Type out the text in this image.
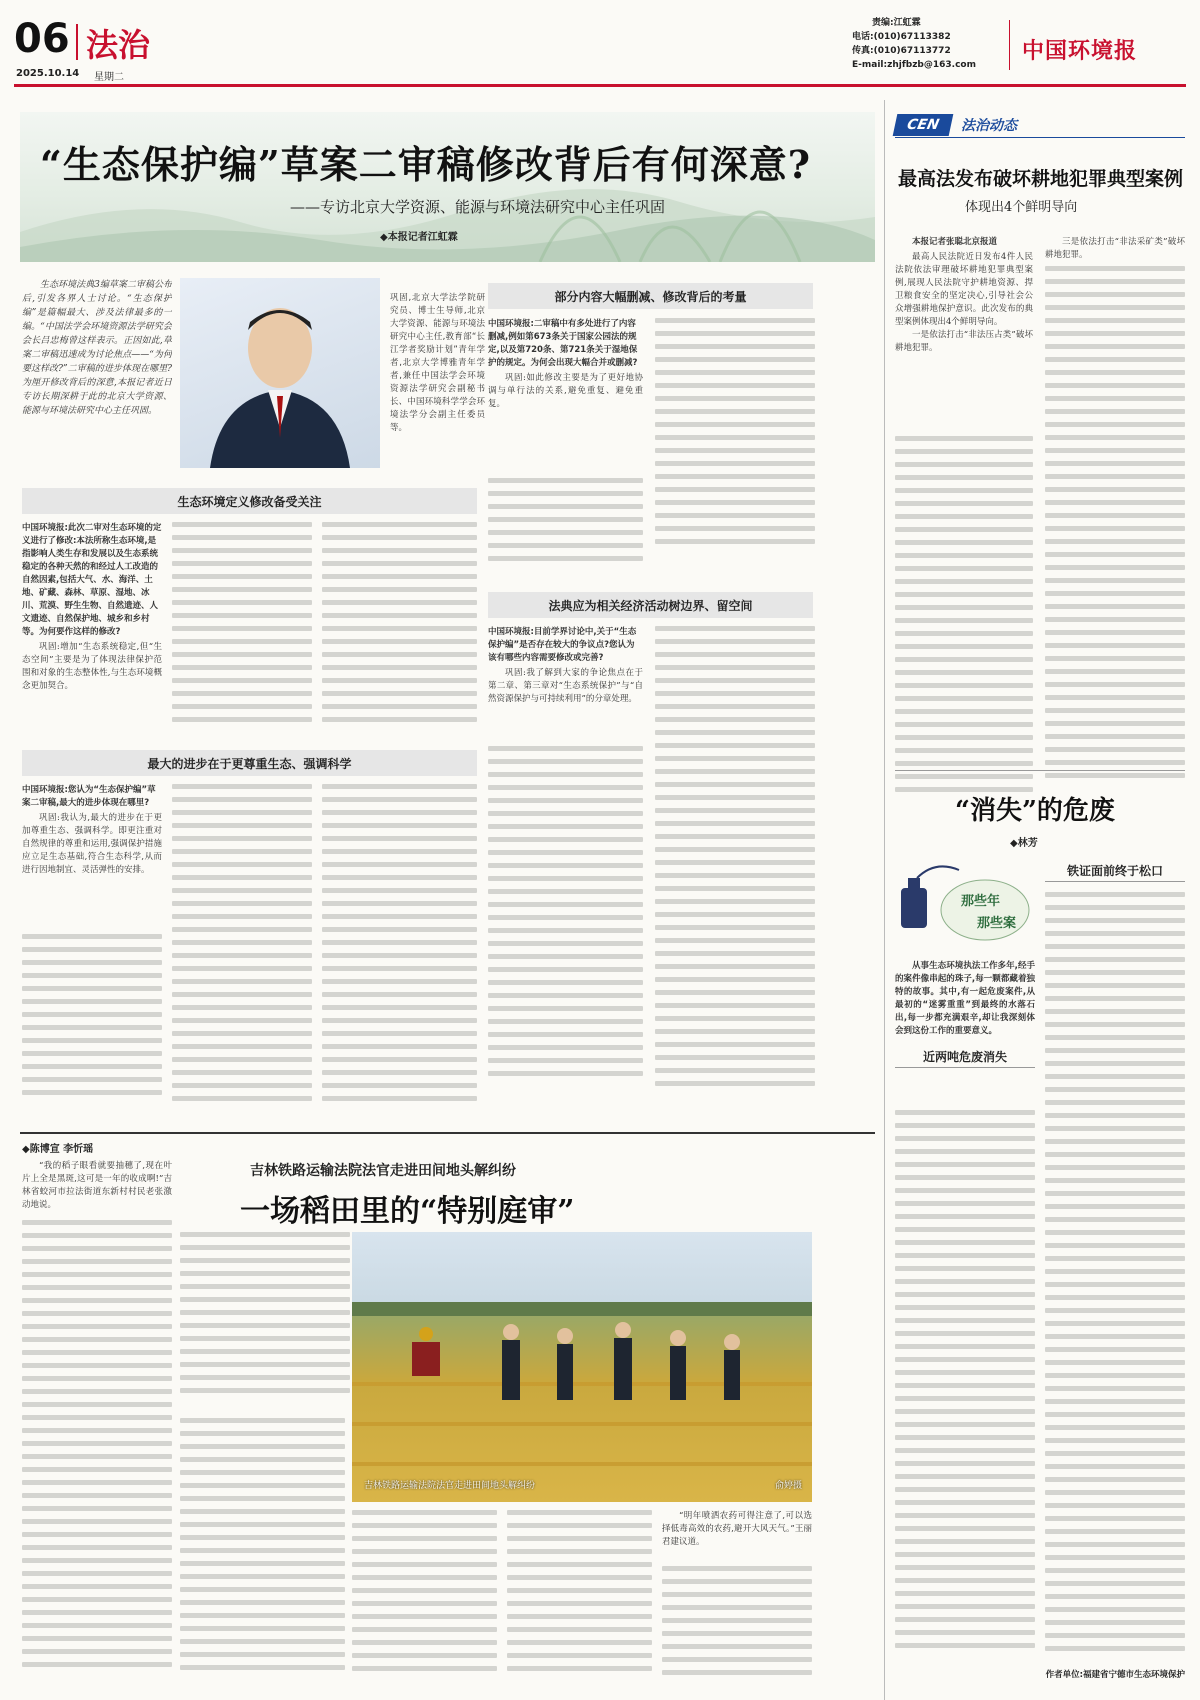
06 法治
2025.10.14 星期二
责编:江虹霖
电话:(010)67113382
传真:(010)67113772
E-mail:zhjfbzb@163.com
中国环境报
“生态保护编”草案二审稿修改背后有何深意?
——专访北京大学资源、能源与环境法研究中心主任巩固
◆本报记者江虹霖

生态环境法典3编草案二审稿公布后,引发各界人士讨论。“生态保护编”是篇幅最大、涉及法律最多的一编。“中国法学会环境资源法学研究会会长吕忠梅曾这样表示。正因如此,草案二审稿迅速成为讨论焦点——“为何要这样改?”二审稿的进步体现在哪里?为厘开修改背后的深意,本报记者近日专访长期深耕于此的北京大学资源、能源与环境法研究中心主任巩固。

巩固,北京大学法学院研究员、博士生导师,北京大学资源、能源与环境法研究中心主任,教育部“长江学者奖励计划”青年学者,北京大学博雅青年学者,兼任中国法学会环境资源法学研究会副秘书长、中国环境科学学会环境法学分会副主任委员等。
部分内容大幅删减、修改背后的考量
中国环境报:二审稿中有多处进行了内容删减,例如第673条关于国家公园法的规定,以及第720条、第721条关于湿地保护的规定。为何会出现大幅合并或删减?
巩固:如此修改主要是为了更好地协调与单行法的关系,避免重复、避免重复。
生态环境定义修改备受关注
中国环境报:此次二审对生态环境的定义进行了修改:本法所称生态环境,是指影响人类生存和发展以及生态系统稳定的各种天然的和经过人工改造的自然因素,包括大气、水、海洋、土地、矿藏、森林、草原、湿地、冰川、荒漠、野生生物、自然遗迹、人文遗迹、自然保护地、城乡和乡村等。为何要作这样的修改?
巩固:增加“生态系统稳定,但“生态空间”主要是为了体现法律保护范围和对象的生态整体性,与生态环境概念更加契合。
法典应为相关经济活动树边界、留空间
中国环境报:目前学界讨论中,关于“生态保护编”是否存在较大的争议点?您认为该有哪些内容需要修改或完善?
巩固:我了解到大家的争论焦点在于第二章、第三章对“生态系统保护”与“自然资源保护与可持续利用”的分章处理。
最大的进步在于更尊重生态、强调科学
中国环境报:您认为“生态保护编”草案二审稿,最大的进步体现在哪里?
巩固:我认为,最大的进步在于更加尊重生态、强调科学。即更注重对自然规律的尊重和运用,强调保护措施应立足生态基础,符合生态科学,从而进行因地制宜、灵活弹性的安排。
CEN	法治动态
最高法发布破坏耕地犯罪典型案例
体现出4个鲜明导向
本报记者张聪北京报道
最高人民法院近日发布4件人民法院依法审理破坏耕地犯罪典型案例,展现人民法院守护耕地资源、捍卫粮食安全的坚定决心,引导社会公众增强耕地保护意识。此次发布的典型案例体现出4个鲜明导向。
一是依法打击“非法压占类”破坏耕地犯罪。
三是依法打击“非法采矿类”破坏耕地犯罪。
“消失”的危废
◆林芳
那些年
那些案
铁证面前终于松口
从事生态环境执法工作多年,经手的案件像串起的珠子,每一颗都藏着独特的故事。其中,有一起危废案件,从最初的“迷雾重重”到最终的水落石出,每一步都充满艰辛,却让我深刻体会到这份工作的重要意义。
近两吨危废消失
作者单位:福建省宁德市生态环境保护
◆陈博宣 李忻瑶
“我的稻子眼看就要抽穗了,现在叶片上全是黑斑,这可是一年的收成啊!”吉林省蛟河市拉法街道东新村村民老张激动地说。
吉林铁路运输法院法官走进田间地头解纠纷
一场稻田里的“特别庭审”
吉林铁路运输法院法官走进田间地头解纠纷	俞婷摄
“明年喷洒农药可得注意了,可以选择低毒高效的农药,避开大风天气。”王丽君建议道。
